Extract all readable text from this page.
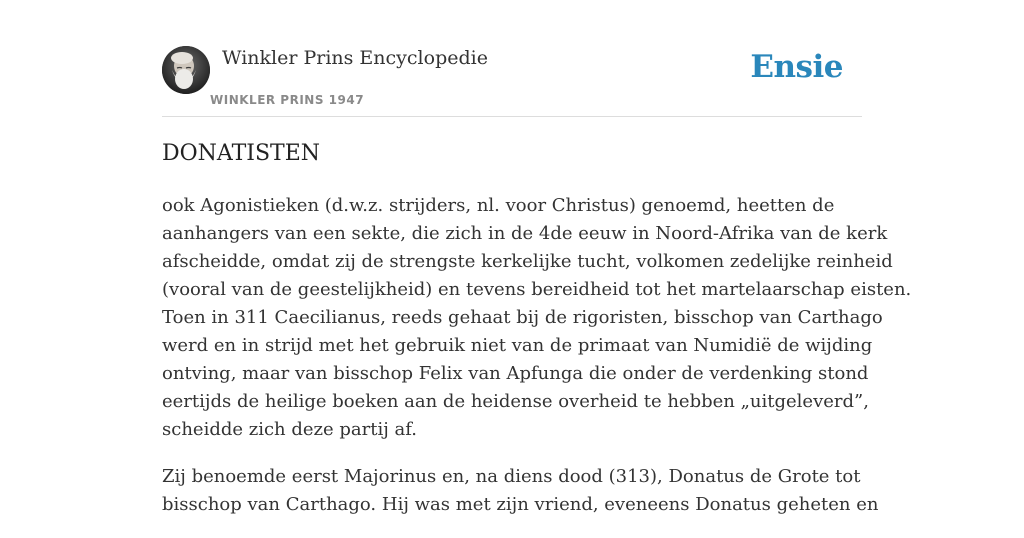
Winkler Prins Encyclopedie
WINKLER PRINS 1947
Ensie
DONATISTEN

ook Agonistieken (d.w.z. strijders, nl. voor Christus) genoemd, heetten de
aanhangers van een sekte, die zich in de 4de eeuw in Noord-Afrika van de kerk
afscheidde, omdat zij de strengste kerkelijke tucht, volkomen zedelijke reinheid
(vooral van de geestelijkheid) en tevens bereidheid tot het martelaarschap eisten.
Toen in 311 Caecilianus, reeds gehaat bij de rigoristen, bisschop van Carthago
werd en in strijd met het gebruik niet van de primaat van Numidië de wijding
ontving, maar van bisschop Felix van Apfunga die onder de verdenking stond
eertijds de heilige boeken aan de heidense overheid te hebben „uitgeleverd”,
scheidde zich deze partij af.

Zij benoemde eerst Majorinus en, na diens dood (313), Donatus de Grote tot
bisschop van Carthago. Hij was met zijn vriend, eveneens Donatus geheten en
